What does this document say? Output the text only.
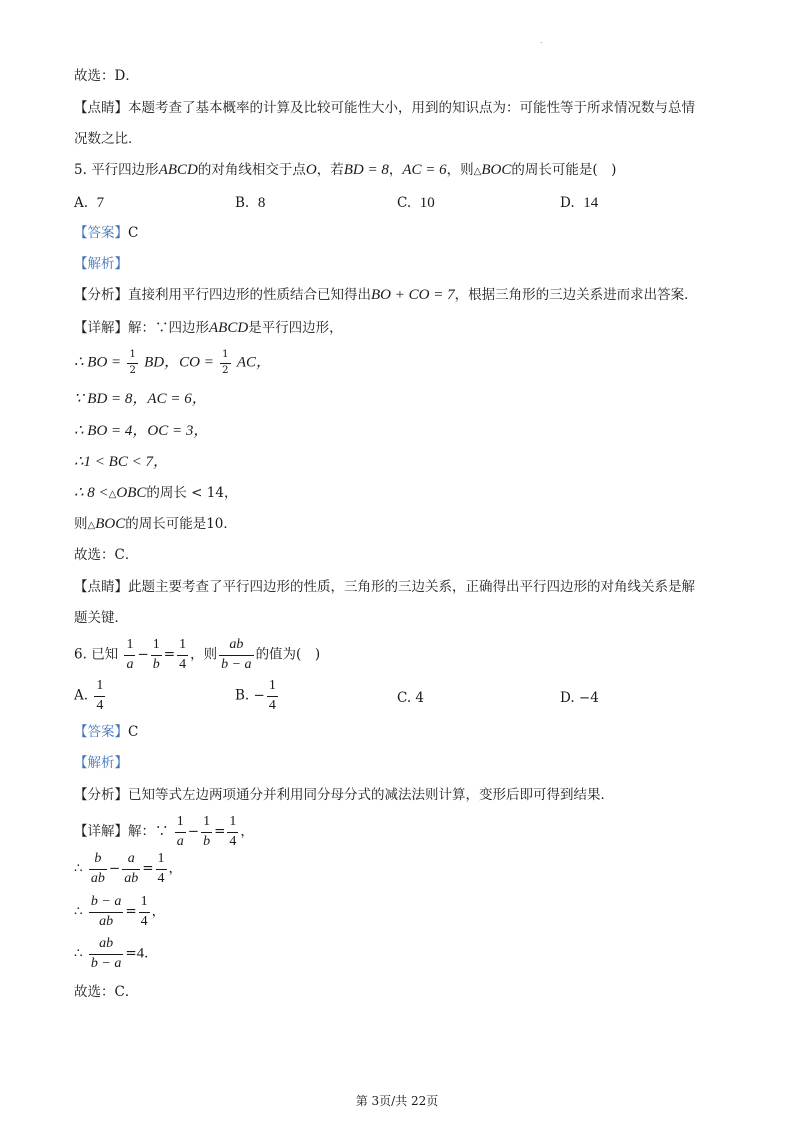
.
故选：D．
【点睛】本题考查了基本概率的计算及比较可能性大小，用到的知识点为：可能性等于所求情况数与总情
况数之比．
5. 平行四边形ABCD的对角线相交于点O，若BD = 8，AC = 6，则△BOC的周长可能是(　)
A. 7	B. 8	C. 10	D. 14
【答案】C
【解析】
【分析】直接利用平行四边形的性质结合已知得出BO + CO = 7，根据三角形的三边关系进而求出答案．
【详解】解：∵四边形ABCD是平行四边形，
∴ BO = $\frac{1}{2}$ BD，CO = $\frac{1}{2}$ AC，
∵ BD = 8，AC = 6，
∴ BO = 4，OC = 3，
∴1 < BC < 7，
∴ 8 <△OBC的周长 < 14，
则△BOC的周长可能是10．
故选：C．
【点睛】此题主要考查了平行四边形的性质，三角形的三边关系，正确得出平行四边形的对角线关系是解
题关键．
6. 已知 $\frac{1}{a} - \frac{1}{b} = \frac{1}{4}$ ，则 $\frac{ab}{b - a}$ 的值为(　)
A. $\frac{1}{4}$	B. − $\frac{1}{4}$	C. 4	D. −4
【答案】C
【解析】
【分析】已知等式左边两项通分并利用同分母分式的减法法则计算，变形后即可得到结果．
【详解】解：∵ $\frac{1}{a} - \frac{1}{b} = \frac{1}{4}$ ，
∴ $\frac{b}{ab} - \frac{a}{ab} = \frac{1}{4}$ ，
∴ $\frac{b - a}{ab} = \frac{1}{4}$ ，
∴ $\frac{ab}{b - a} =4$．
故选：C．
第 3页/共 22页
